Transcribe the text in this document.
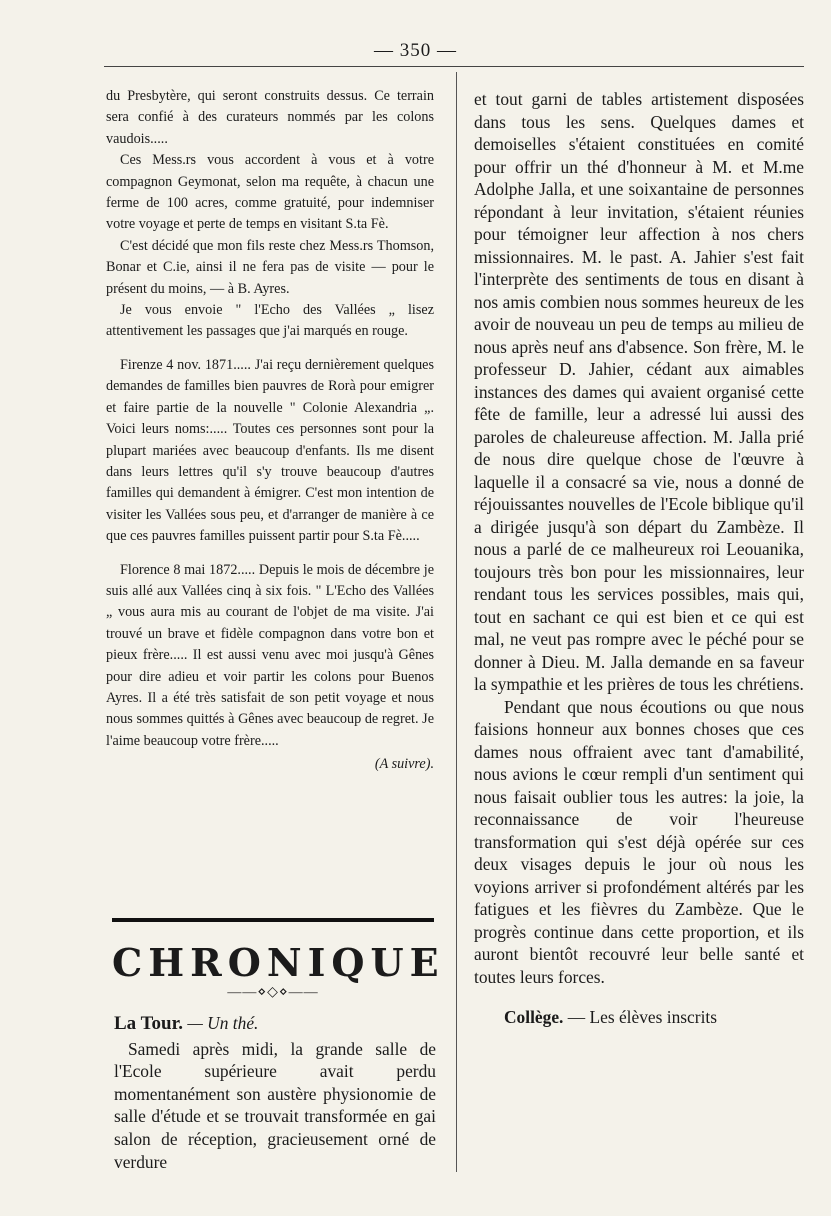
— 350 —

du Presbytère, qui seront construits dessus. Ce terrain sera confié à des curateurs nommés par les colons vaudois.....

Ces Mess.rs vous accordent à vous et à votre compagnon Geymonat, selon ma requête, à chacun une ferme de 100 acres, comme gratuité, pour indemniser votre voyage et perte de temps en visitant S.ta Fè.

C'est décidé que mon fils reste chez Mess.rs Thomson, Bonar et C.ie, ainsi il ne fera pas de visite — pour le présent du moins, — à B. Ayres.

Je vous envoie " l'Echo des Vallées „ lisez attentivement les passages que j'ai marqués en rouge.

Firenze 4 nov. 1871..... J'ai reçu dernièrement quelques demandes de familles bien pauvres de Rorà pour emigrer et faire partie de la nouvelle " Colonie Alexandria „. Voici leurs noms:..... Toutes ces personnes sont pour la plupart mariées avec beaucoup d'enfants. Ils me disent dans leurs lettres qu'il s'y trouve beaucoup d'autres familles qui demandent à émigrer. C'est mon intention de visiter les Vallées sous peu, et d'arranger de manière à ce que ces pauvres familles puissent partir pour S.ta Fè.....

Florence 8 mai 1872..... Depuis le mois de décembre je suis allé aux Vallées cinq à six fois. " L'Echo des Vallées „ vous aura mis au courant de l'objet de ma visite. J'ai trouvé un brave et fidèle compagnon dans votre bon et pieux frère..... Il est aussi venu avec moi jusqu'à Gênes pour dire adieu et voir partir les colons pour Buenos Ayres. Il a été très satisfait de son petit voyage et nous nous sommes quittés à Gênes avec beaucoup de regret. Je l'aime beaucoup votre frère.....

(A suivre).

CHRONIQUE
——⋄◇⋄——

La Tour. — Un thé.

Samedi après midi, la grande salle de l'Ecole supérieure avait perdu momentanément son austère physionomie de salle d'étude et se trouvait transformée en gai salon de réception, gracieusement orné de verdure

et tout garni de tables artistement disposées dans tous les sens. Quelques dames et demoiselles s'étaient constituées en comité pour offrir un thé d'honneur à M. et M.me Adolphe Jalla, et une soixantaine de personnes répondant à leur invitation, s'étaient réunies pour témoigner leur affection à nos chers missionnaires. M. le past. A. Jahier s'est fait l'interprète des sentiments de tous en disant à nos amis combien nous sommes heureux de les avoir de nouveau un peu de temps au milieu de nous après neuf ans d'absence. Son frère, M. le professeur D. Jahier, cédant aux aimables instances des dames qui avaient organisé cette fête de famille, leur a adressé lui aussi des paroles de chaleureuse affection. M. Jalla prié de nous dire quelque chose de l'œuvre à laquelle il a consacré sa vie, nous a donné de réjouissantes nouvelles de l'Ecole biblique qu'il a dirigée jusqu'à son départ du Zambèze. Il nous a parlé de ce malheureux roi Leouanika, toujours très bon pour les missionnaires, leur rendant tous les services possibles, mais qui, tout en sachant ce qui est bien et ce qui est mal, ne veut pas rompre avec le péché pour se donner à Dieu. M. Jalla demande en sa faveur la sympathie et les prières de tous les chrétiens.

Pendant que nous écoutions ou que nous faisions honneur aux bonnes choses que ces dames nous offraient avec tant d'amabilité, nous avions le cœur rempli d'un sentiment qui nous faisait oublier tous les autres: la joie, la reconnaissance de voir l'heureuse transformation qui s'est déjà opérée sur ces deux visages depuis le jour où nous les voyions arriver si profondément altérés par les fatigues et les fièvres du Zambèze. Que le progrès continue dans cette proportion, et ils auront bientôt recouvré leur belle santé et toutes leurs forces.

Collège. — Les élèves inscrits
